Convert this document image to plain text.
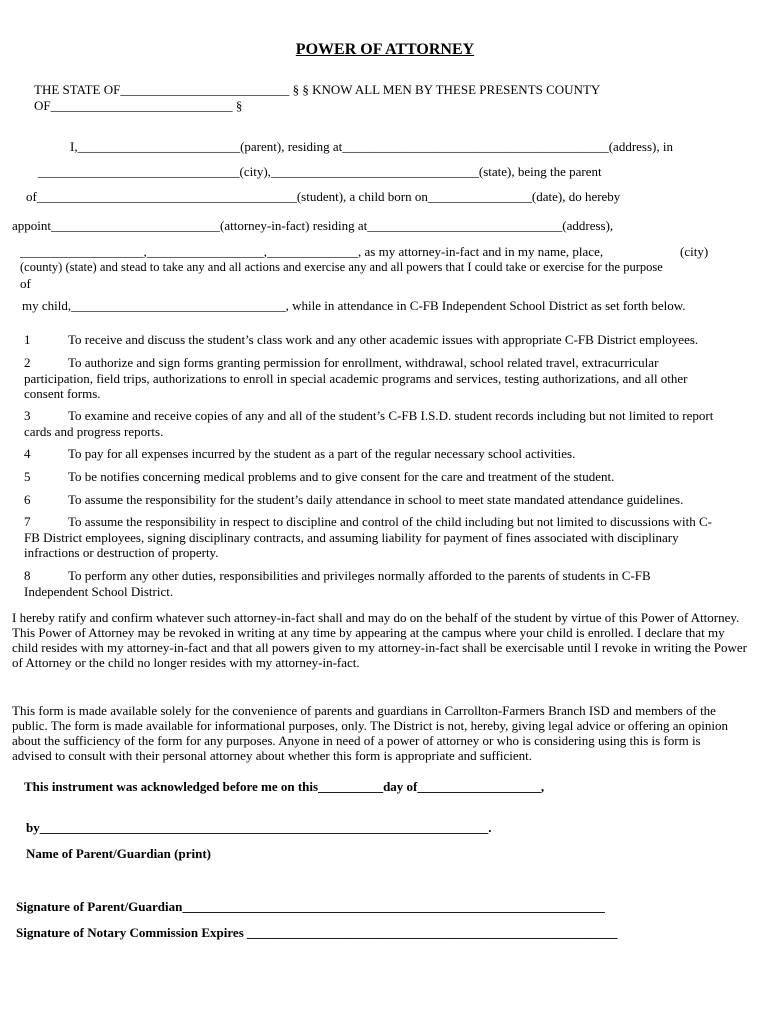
POWER OF ATTORNEY
THE STATE OF__________________________ § § KNOW ALL MEN BY THESE PRESENTS COUNTY
OF____________________________ §
I,_________________________(parent), residing at_________________________________________(address), in
_______________________________(city),________________________________(state), being the parent
of________________________________________(student), a child born on________________(date), do hereby
appoint__________________________(attorney-in-fact) residing at______________________________(address),
___________________,__________________,______________, as my attorney-in-fact and in my name, place,	(city)
(county) (state) and stead to take any and all actions and exercise any and all powers that I could take or exercise for the purpose
of
my child,_________________________________, while in attendance in C-FB Independent School District as set forth below.
1	To receive and discuss the student’s class work and any other academic issues with appropriate C-FB District employees.
2	To authorize and sign forms granting permission for enrollment, withdrawal, school related travel, extracurricular participation, field trips, authorizations to enroll in special academic programs and services, testing authorizations, and all other consent forms.
3	To examine and receive copies of any and all of the student’s C-FB I.S.D. student records including but not limited to report cards and progress reports.
4	To pay for all expenses incurred by the student as a part of the regular necessary school activities.
5	To be notifies concerning medical problems and to give consent for the care and treatment of the student.
6	To assume the responsibility for the student’s daily attendance in school to meet state mandated attendance guidelines.
7	To assume the responsibility in respect to discipline and control of the child including but not limited to discussions with C-FB District employees, signing disciplinary contracts, and assuming liability for payment of fines associated with disciplinary infractions or destruction of property.
8	To perform any other duties, responsibilities and privileges normally afforded to the parents of students in C-FB Independent School District.
I hereby ratify and confirm whatever such attorney-in-fact shall and may do on the behalf of the student by virtue of this Power of Attorney. This Power of Attorney may be revoked in writing at any time by appearing at the campus where your child is enrolled. I declare that my child resides with my attorney-in-fact and that all powers given to my attorney-in-fact shall be exercisable until I revoke in writing the Power of Attorney or the child no longer resides with my attorney-in-fact.
This form is made available solely for the convenience of parents and guardians in Carrollton-Farmers Branch ISD and members of the public. The form is made available for informational purposes, only. The District is not, hereby, giving legal advice or offering an opinion about the sufficiency of the form for any purposes. Anyone in need of a power of attorney or who is considering using this is form is advised to consult with their personal attorney about whether this form is appropriate and sufficient.
This instrument was acknowledged before me on this__________day of___________________,
by_____________________________________________________________________.
Name of Parent/Guardian (print)
Signature of Parent/Guardian_________________________________________________________________
Signature of Notary Commission Expires _________________________________________________________
